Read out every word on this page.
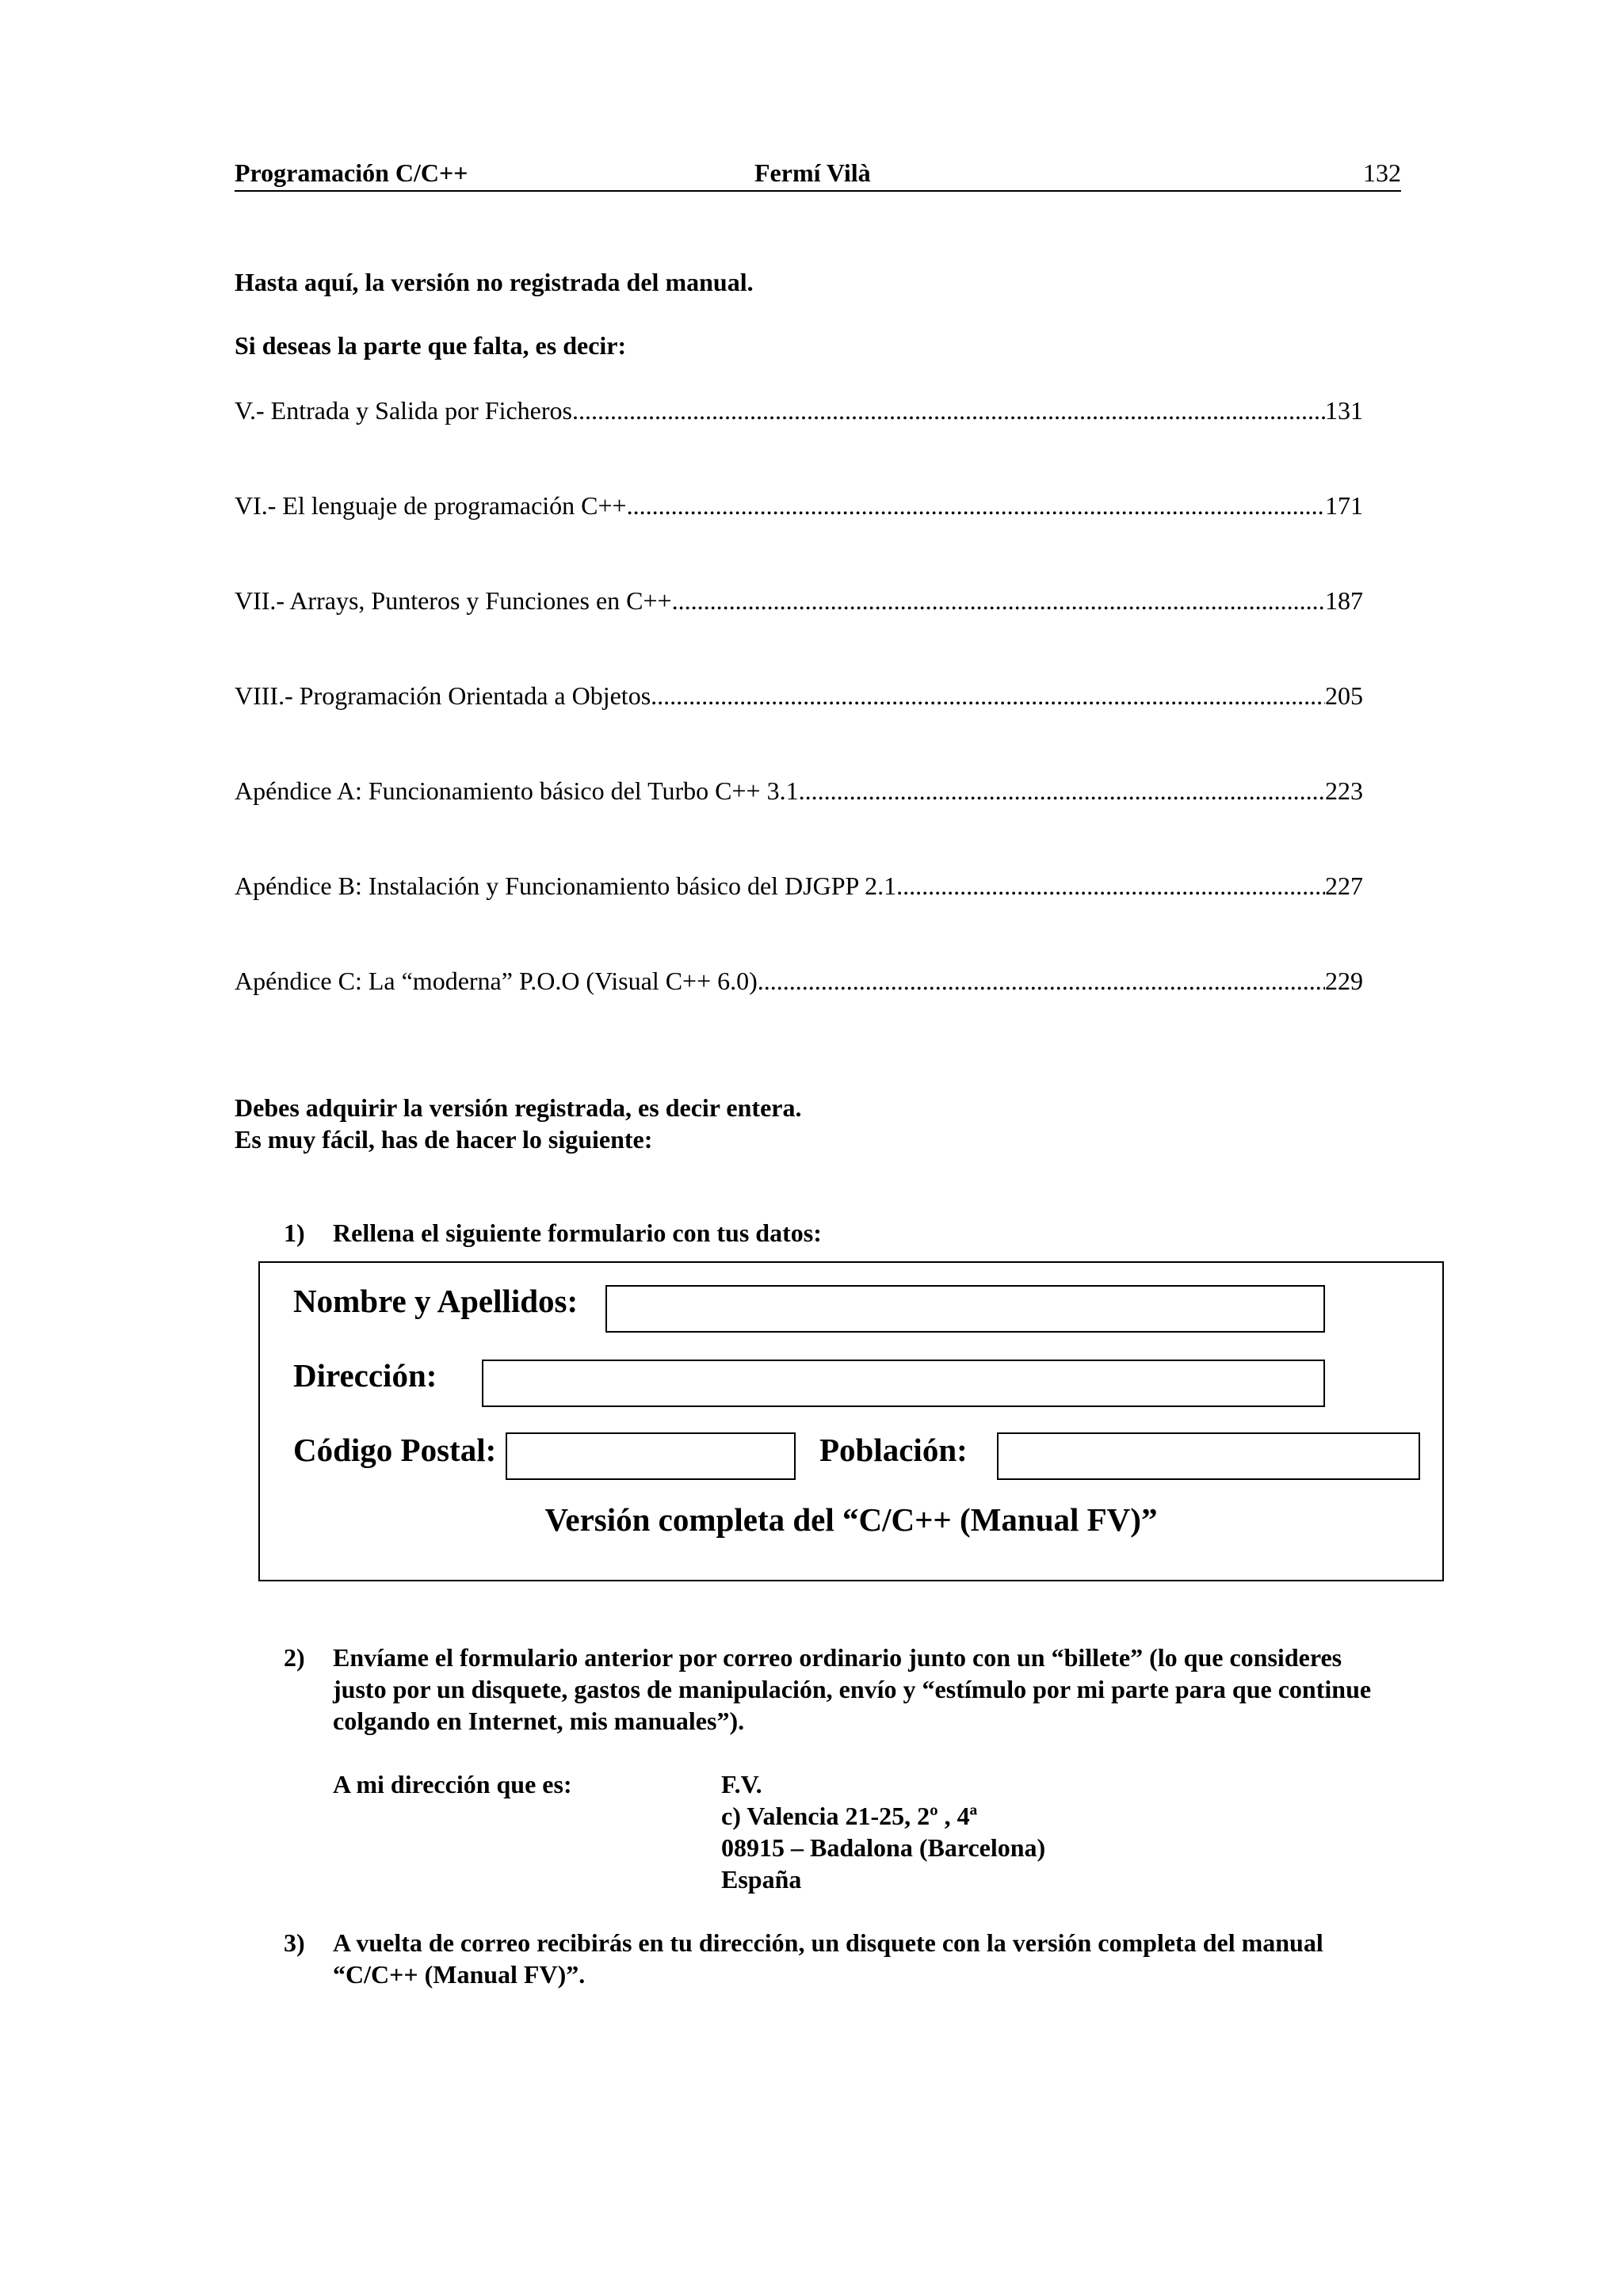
Programación C/C++	Fermí Vilà	132
Hasta aquí, la versión no registrada del manual.
Si deseas la parte que falta, es decir:
V.- Entrada y Salida por Ficheros .....	131
VI.- El lenguaje de programación C++ .....	171
VII.- Arrays, Punteros y Funciones en C++ .....	187
VIII.- Programación Orientada a Objetos .....	205
Apéndice A: Funcionamiento básico del Turbo C++ 3.1 .....	223
Apéndice B: Instalación y Funcionamiento básico del DJGPP 2.1 .....	227
Apéndice C: La “moderna” P.O.O (Visual C++ 6.0) .....	229
Debes adquirir la versión registrada, es decir entera.
Es muy fácil, has de hacer lo siguiente:
1) Rellena el siguiente formulario con tus datos:
Nombre y Apellidos:
Dirección:
Código Postal:	Población:
Versión completa del “C/C++ (Manual FV)”
2) Envíame el formulario anterior por correo ordinario junto con un “billete” (lo que consideres justo por un disquete, gastos de manipulación, envío y “estímulo por mi parte para que continue colgando en Internet, mis manuales”).
A mi dirección que es:	F.V.
c) Valencia 21-25, 2º , 4ª
08915 – Badalona (Barcelona)
España
3) A vuelta de correo recibirás en tu dirección, un disquete con la versión completa del manual “C/C++ (Manual FV)”.
